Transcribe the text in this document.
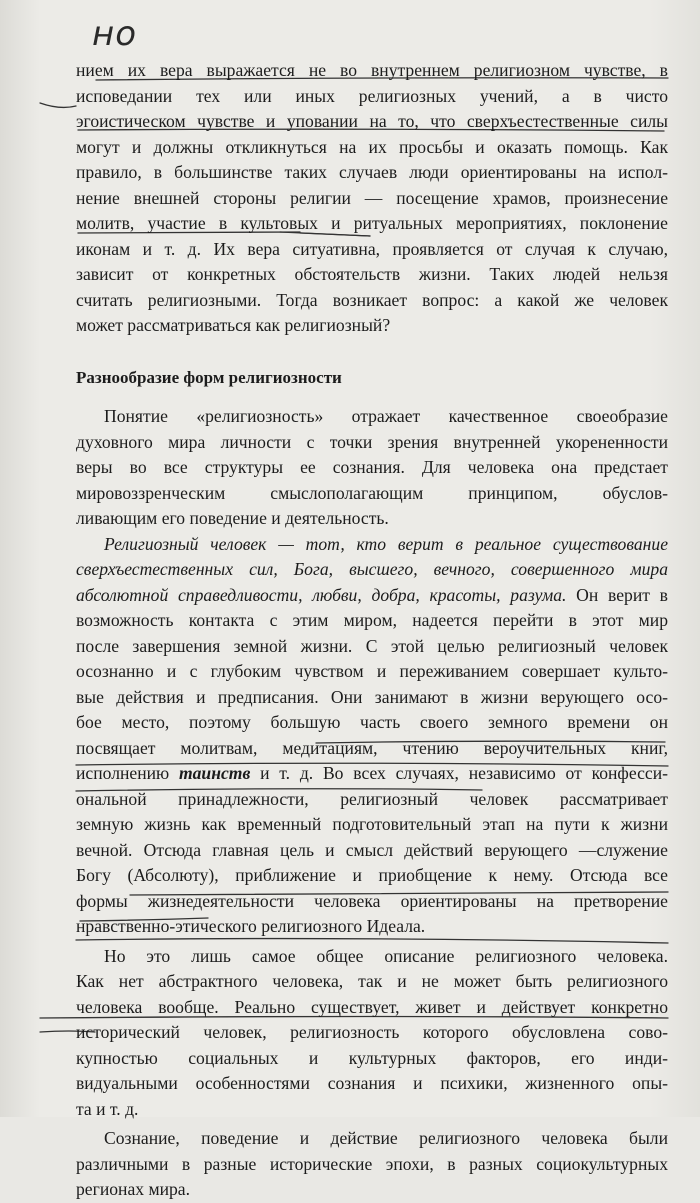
нo
нием их вера выражается не во внутреннем религиозном чувстве, в
исповедании тех или иных религиозных учений, а в чисто
эгоистическом чувстве и уповании на то, что сверхъестественные силы
могут и должны откликнуться на их просьбы и оказать помощь. Как
правило, в большинстве таких случаев люди ориентированы на испол-
нение внешней стороны религии — посещение храмов, произнесение
молитв, участие в культовых и ритуальных мероприятиях, поклонение
иконам и т. д. Их вера ситуативна, проявляется от случая к случаю,
зависит от конкретных обстоятельств жизни. Таких людей нельзя
считать религиозными. Тогда возникает вопрос: а какой же человек
может рассматриваться как религиозный?
Разнообразие форм религиозности
Понятие «религиозность» отражает качественное своеобразие
духовного мира личности с точки зрения внутренней укорененности
веры во все структуры ее сознания. Для человека она предстает
мировоззренческим смыслополагающим принципом, обуслов-
ливающим его поведение и деятельность.
Религиозный человек — тот, кто верит в реальное существование
сверхъестественных сил, Бога, высшего, вечного, совершенного мира
абсолютной справедливости, любви, добра, красоты, разума. Он верит в
возможность контакта с этим миром, надеется перейти в этот мир
после завершения земной жизни. С этой целью религиозный человек
осознанно и с глубоким чувством и переживанием совершает культо-
вые действия и предписания. Они занимают в жизни верующего осо-
бое место, поэтому большую часть своего земного времени он
посвящает молитвам, медитациям, чтению вероучительных книг,
исполнению таинств и т. д. Во всех случаях, независимо от конфесси-
ональной принадлежности, религиозный человек рассматривает
земную жизнь как временный подготовительный этап на пути к жизни
вечной. Отсюда главная цель и смысл действий верующего —служение
Богу (Абсолюту), приближение и приобщение к нему. Отсюда все
формы жизнедеятельности человека ориентированы на претворение
нравственно-этического религиозного Идеала.
Но это лишь самое общее описание религиозного человека.
Как нет абстрактного человека, так и не может быть религиозного
человека вообще. Реально существует, живет и действует конкретно
исторический человек, религиозность которого обусловлена сово-
купностью социальных и культурных факторов, его инди-
видуальными особенностями сознания и психики, жизненного опы-
та и т. д.
Сознание, поведение и действие религиозного человека были
различными в разные исторические эпохи, в разных социокультурных
регионах мира.
